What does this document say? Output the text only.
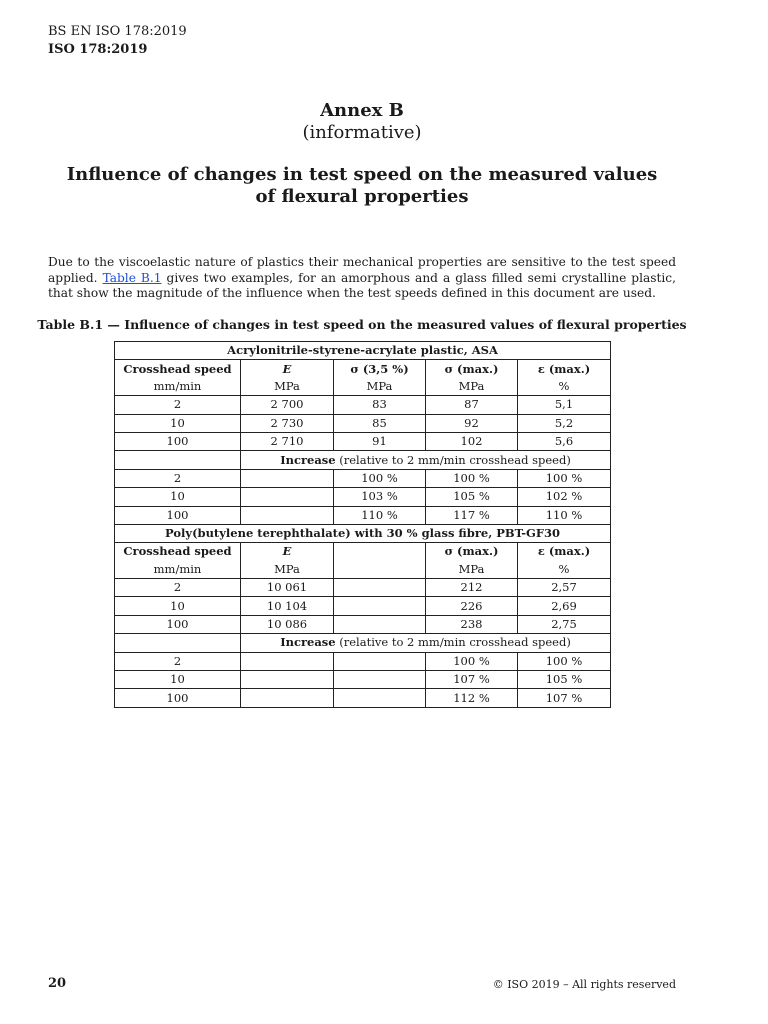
BS EN ISO 178:2019
ISO 178:2019
Annex B
(informative)
Influence of changes in test speed on the measured values of flexural properties
Due to the viscoelastic nature of plastics their mechanical properties are sensitive to the test speed applied. Table B.1 gives two examples, for an amorphous and a glass filled semi crystalline plastic, that show the magnitude of the influence when the test speeds defined in this document are used.
Table B.1 — Influence of changes in test speed on the measured values of flexural properties
Acrylonitrile-styrene-acrylate plastic, ASA				
Crosshead speed	E	σ (3,5 %)	σ (max.)	ε (max.)
mm/min	MPa	MPa	MPa	%
2	2 700	83	87	5,1
10	2 730	85	92	5,2
100	2 710	91	102	5,6
	Increase (relative to 2 mm/min crosshead speed)			
2		100 %	100 %	100 %
10		103 %	105 %	102 %
100		110 %	117 %	110 %
Poly(butylene terephthalate) with 30 % glass fibre, PBT-GF30				
Crosshead speed	E		σ (max.)	ε (max.)
mm/min	MPa		MPa	%
2	10 061		212	2,57
10	10 104		226	2,69
100	10 086		238	2,75
	Increase (relative to 2 mm/min crosshead speed)			
2			100 %	100 %
10			107 %	105 %
100			112 %	107 %
20	© ISO 2019 – All rights reserved
